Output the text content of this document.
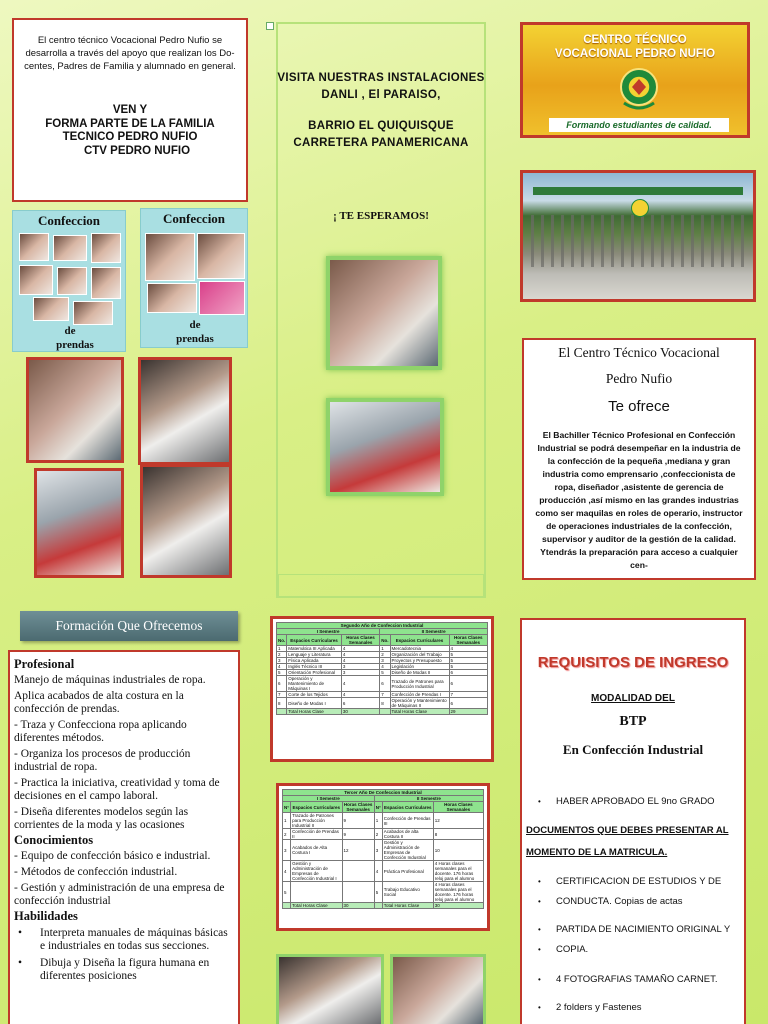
El centro técnico Vocacional Pedro Nufio se desarrolla a través del apoyo que realizan los Do-
centes, Padres de Familia y alumnado en general.
VEN Y
FORMA PARTE DE LA FAMILIA
TECNICO PEDRO NUFIO
CTV PEDRO NUFIO
Confeccion
de
prendas
Confeccion
de
prendas
VISITA NUESTRAS INSTALACIONES
DANLI , El PARAISO,
BARRIO EL QUIQUISQUE
CARRETERA PANAMERICANA
¡ TE ESPERAMOS!
CENTRO TÉCNICO
VOCACIONAL PEDRO NUFIO
Formando estudiantes de calidad.
El Centro Técnico Vocacional
Pedro Nufio
Te ofrece

El Bachiller Técnico Profesional en Confección Industrial se podrá desempeñar en la industria de la confección de la pequeña ,mediana y gran industria como emprensario ,confeccionista de ropa, diseñador ,asistente de gerencia de producción ,así mismo en las grandes industrias como ser maquilas en roles de operario, instructor de operaciones industriales de la confección, supervisor y auditor de la gestión de la calidad. Ytendrás la preparación para acceso a cualquier cen-

Formación Que Ofrecemos
Profesional
Manejo de máquinas industriales de ropa.
Aplica acabados de alta costura en la confección de prendas.
- Traza y Confecciona ropa aplicando diferentes métodos.
- Organiza los procesos de producción industrial de ropa.
- Practica la iniciativa, creatividad y toma de decisiones en el campo laboral.
- Diseña diferentes modelos según las corrientes de la moda y las ocasiones
Conocimientos
- Equipo de confección básico e industrial.
- Métodos de confección industrial.
- Gestión y administración de una empresa de confección industrial
Habilidades
• Interpreta manuales de máquinas básicas e industriales en todas sus secciones.
• Dibuja y Diseña la figura humana en diferentes posiciones
Segundo Año de Confeccion Industrial					
I Semestre			II Semestre		
No.	Espacios Curriculares	Horas Clases Semanales	No.	Espacios Curriculares	Horas Clases Semanales
1	Matemática III Aplicada	4	1	Mercadotecnia	4
2	Lenguaje y Literatura	4	2	Organización del Trabajo	5
3	Física Aplicada	4	3	Proyectos y Presupuesto	5
4	Inglés Técnico III	3	4	Legislación	5
5	Orientación Profesional	3	5	Diseño de Modas II	6
6	Operación y Mantenimiento de Máquinas I	4	6	Trazado de Patrones para Producción Industrial	6
7	Corte de los Tejidos	4	7	Confección de Prendas I	7
8	Diseño de Modas I	6	8	Operación y Mantenimiento de Máquinas II	6
	Total Horas Clase	30		Total Horas Clase	29
Tercer Año De Confeccion Industrial					
I Semestre			II Semestre		
N°	Espacios Curriculares	Horas Clases Semanales	N°	Espacios Curriculares	Horas Clases Semanales
1	Trazado de Patrones para Producción Industrial II	9	1	Confección de Prendas III	12
2	Confección de Prendas II	9	2	Acabados de alta Costura II	8
3	Acabados de Alta Costura I	12	3	Gestión y Administración de Empresas de Confección Industrial	10
4	Gestión y Administración de Empresas de Confección Industrial I		4	Práctica Profesional	4 Horas clases semanales para el docente. 176 horas reloj para el alumno
5			5	Trabajo Educativo Social	4 Horas clases semanales para el docente. 176 horas reloj para el alumno
	Total Horas Clase	30		Total Horas Clase	30
REQUISITOS DE INGRESO
MODALIDAD DEL
BTP
En Confección Industrial
• HABER APROBADO EL 9no GRADO
DOCUMENTOS QUE DEBES PRESENTAR AL
MOMENTO DE LA MATRICULA.
• CERTIFICACION DE ESTUDIOS Y DE
• CONDUCTA. Copias de actas
• PARTIDA DE NACIMIENTO ORIGINAL Y
• COPIA.
• 4 FOTOGRAFIAS TAMAÑO CARNET.
• 2 folders y Fastenes
